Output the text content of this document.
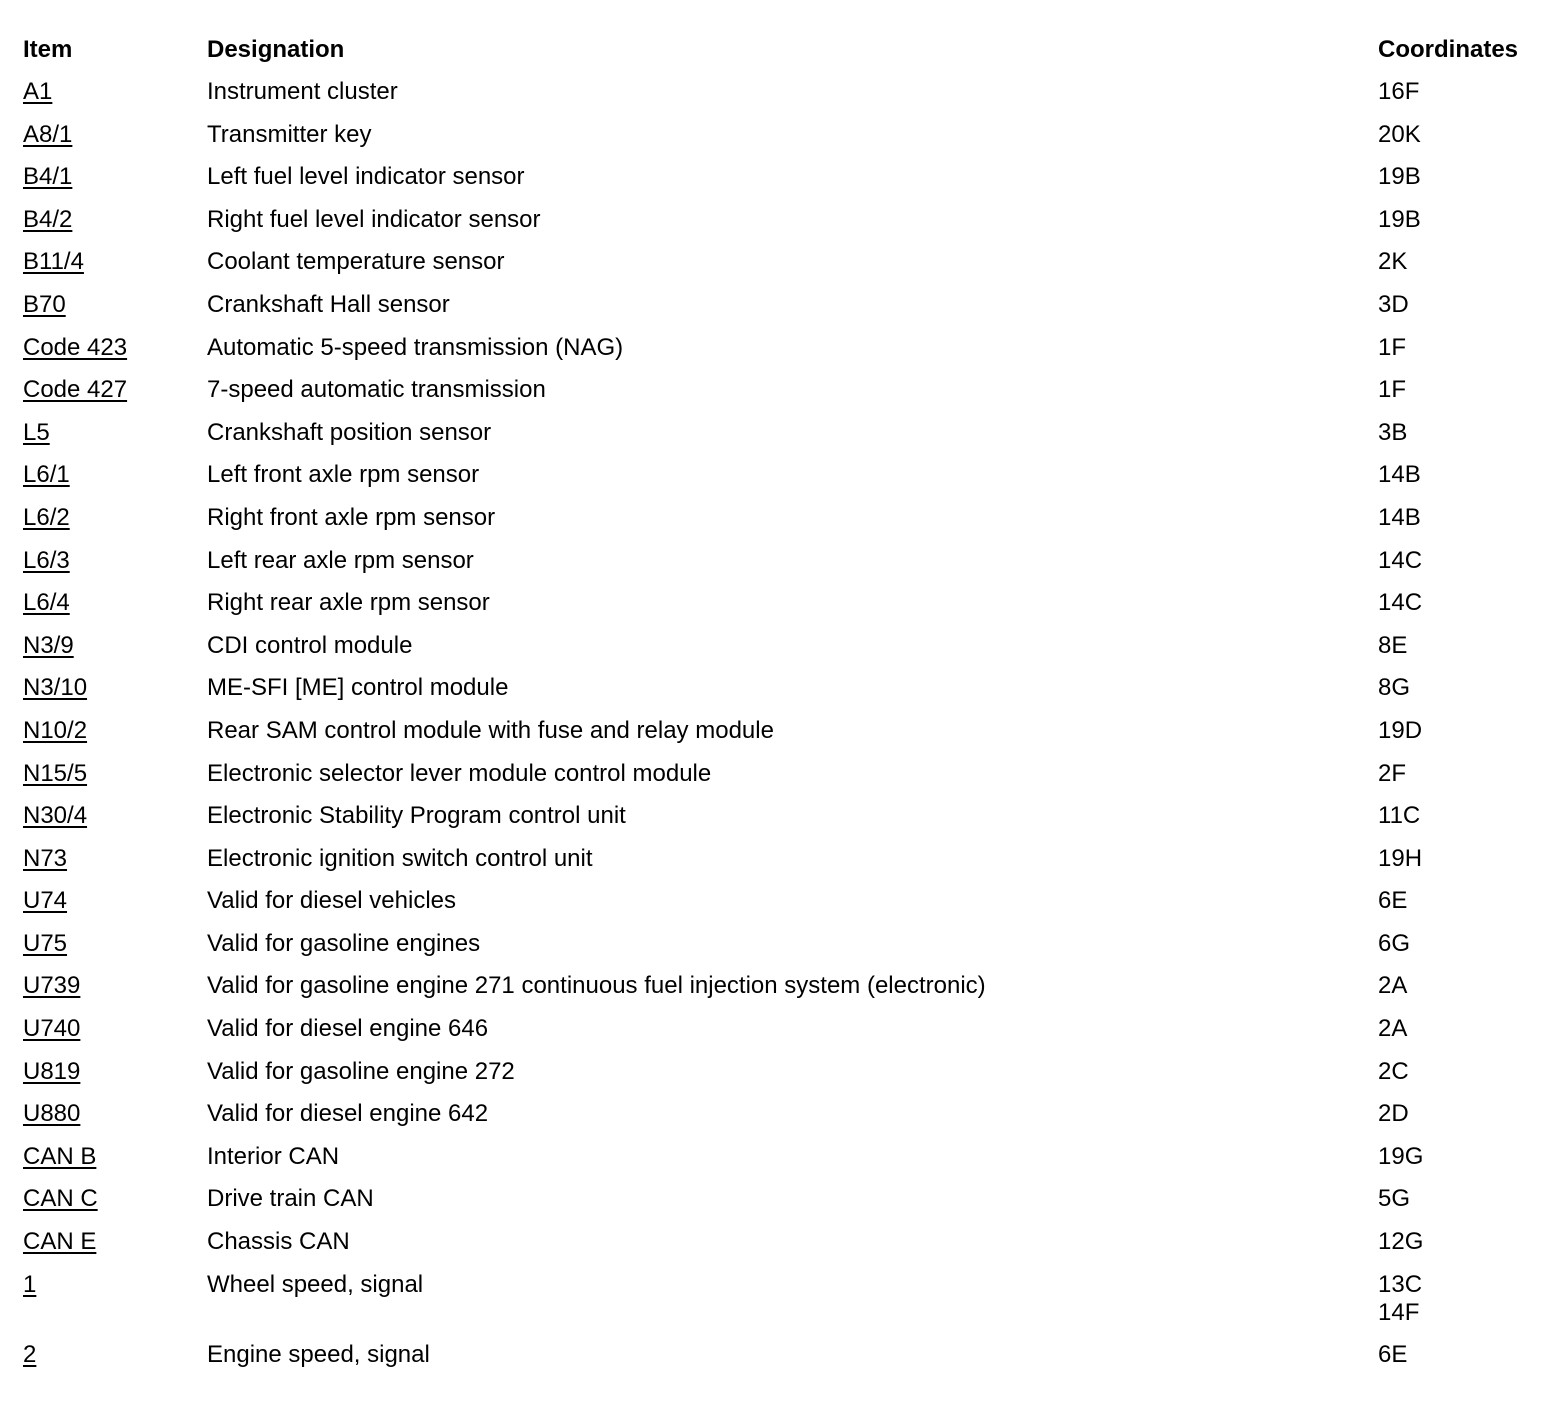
Item	Designation	Coordinates
A1	Instrument cluster	16F
A8/1	Transmitter key	20K
B4/1	Left fuel level indicator sensor	19B
B4/2	Right fuel level indicator sensor	19B
B11/4	Coolant temperature sensor	2K
B70	Crankshaft Hall sensor	3D
Code 423	Automatic 5-speed transmission (NAG)	1F
Code 427	7-speed automatic transmission	1F
L5	Crankshaft position sensor	3B
L6/1	Left front axle rpm sensor	14B
L6/2	Right front axle rpm sensor	14B
L6/3	Left rear axle rpm sensor	14C
L6/4	Right rear axle rpm sensor	14C
N3/9	CDI control module	8E
N3/10	ME-SFI [ME] control module	8G
N10/2	Rear SAM control module with fuse and relay module	19D
N15/5	Electronic selector lever module control module	2F
N30/4	Electronic Stability Program control unit	11C
N73	Electronic ignition switch control unit	19H
U74	Valid for diesel vehicles	6E
U75	Valid for gasoline engines	6G
U739	Valid for gasoline engine 271 continuous fuel injection system (electronic)	2A
U740	Valid for diesel engine 646	2A
U819	Valid for gasoline engine 272	2C
U880	Valid for diesel engine 642	2D
CAN B	Interior CAN	19G
CAN C	Drive train CAN	5G
CAN E	Chassis CAN	12G
1	Wheel speed, signal	13C
14F
2	Engine speed, signal	6E
